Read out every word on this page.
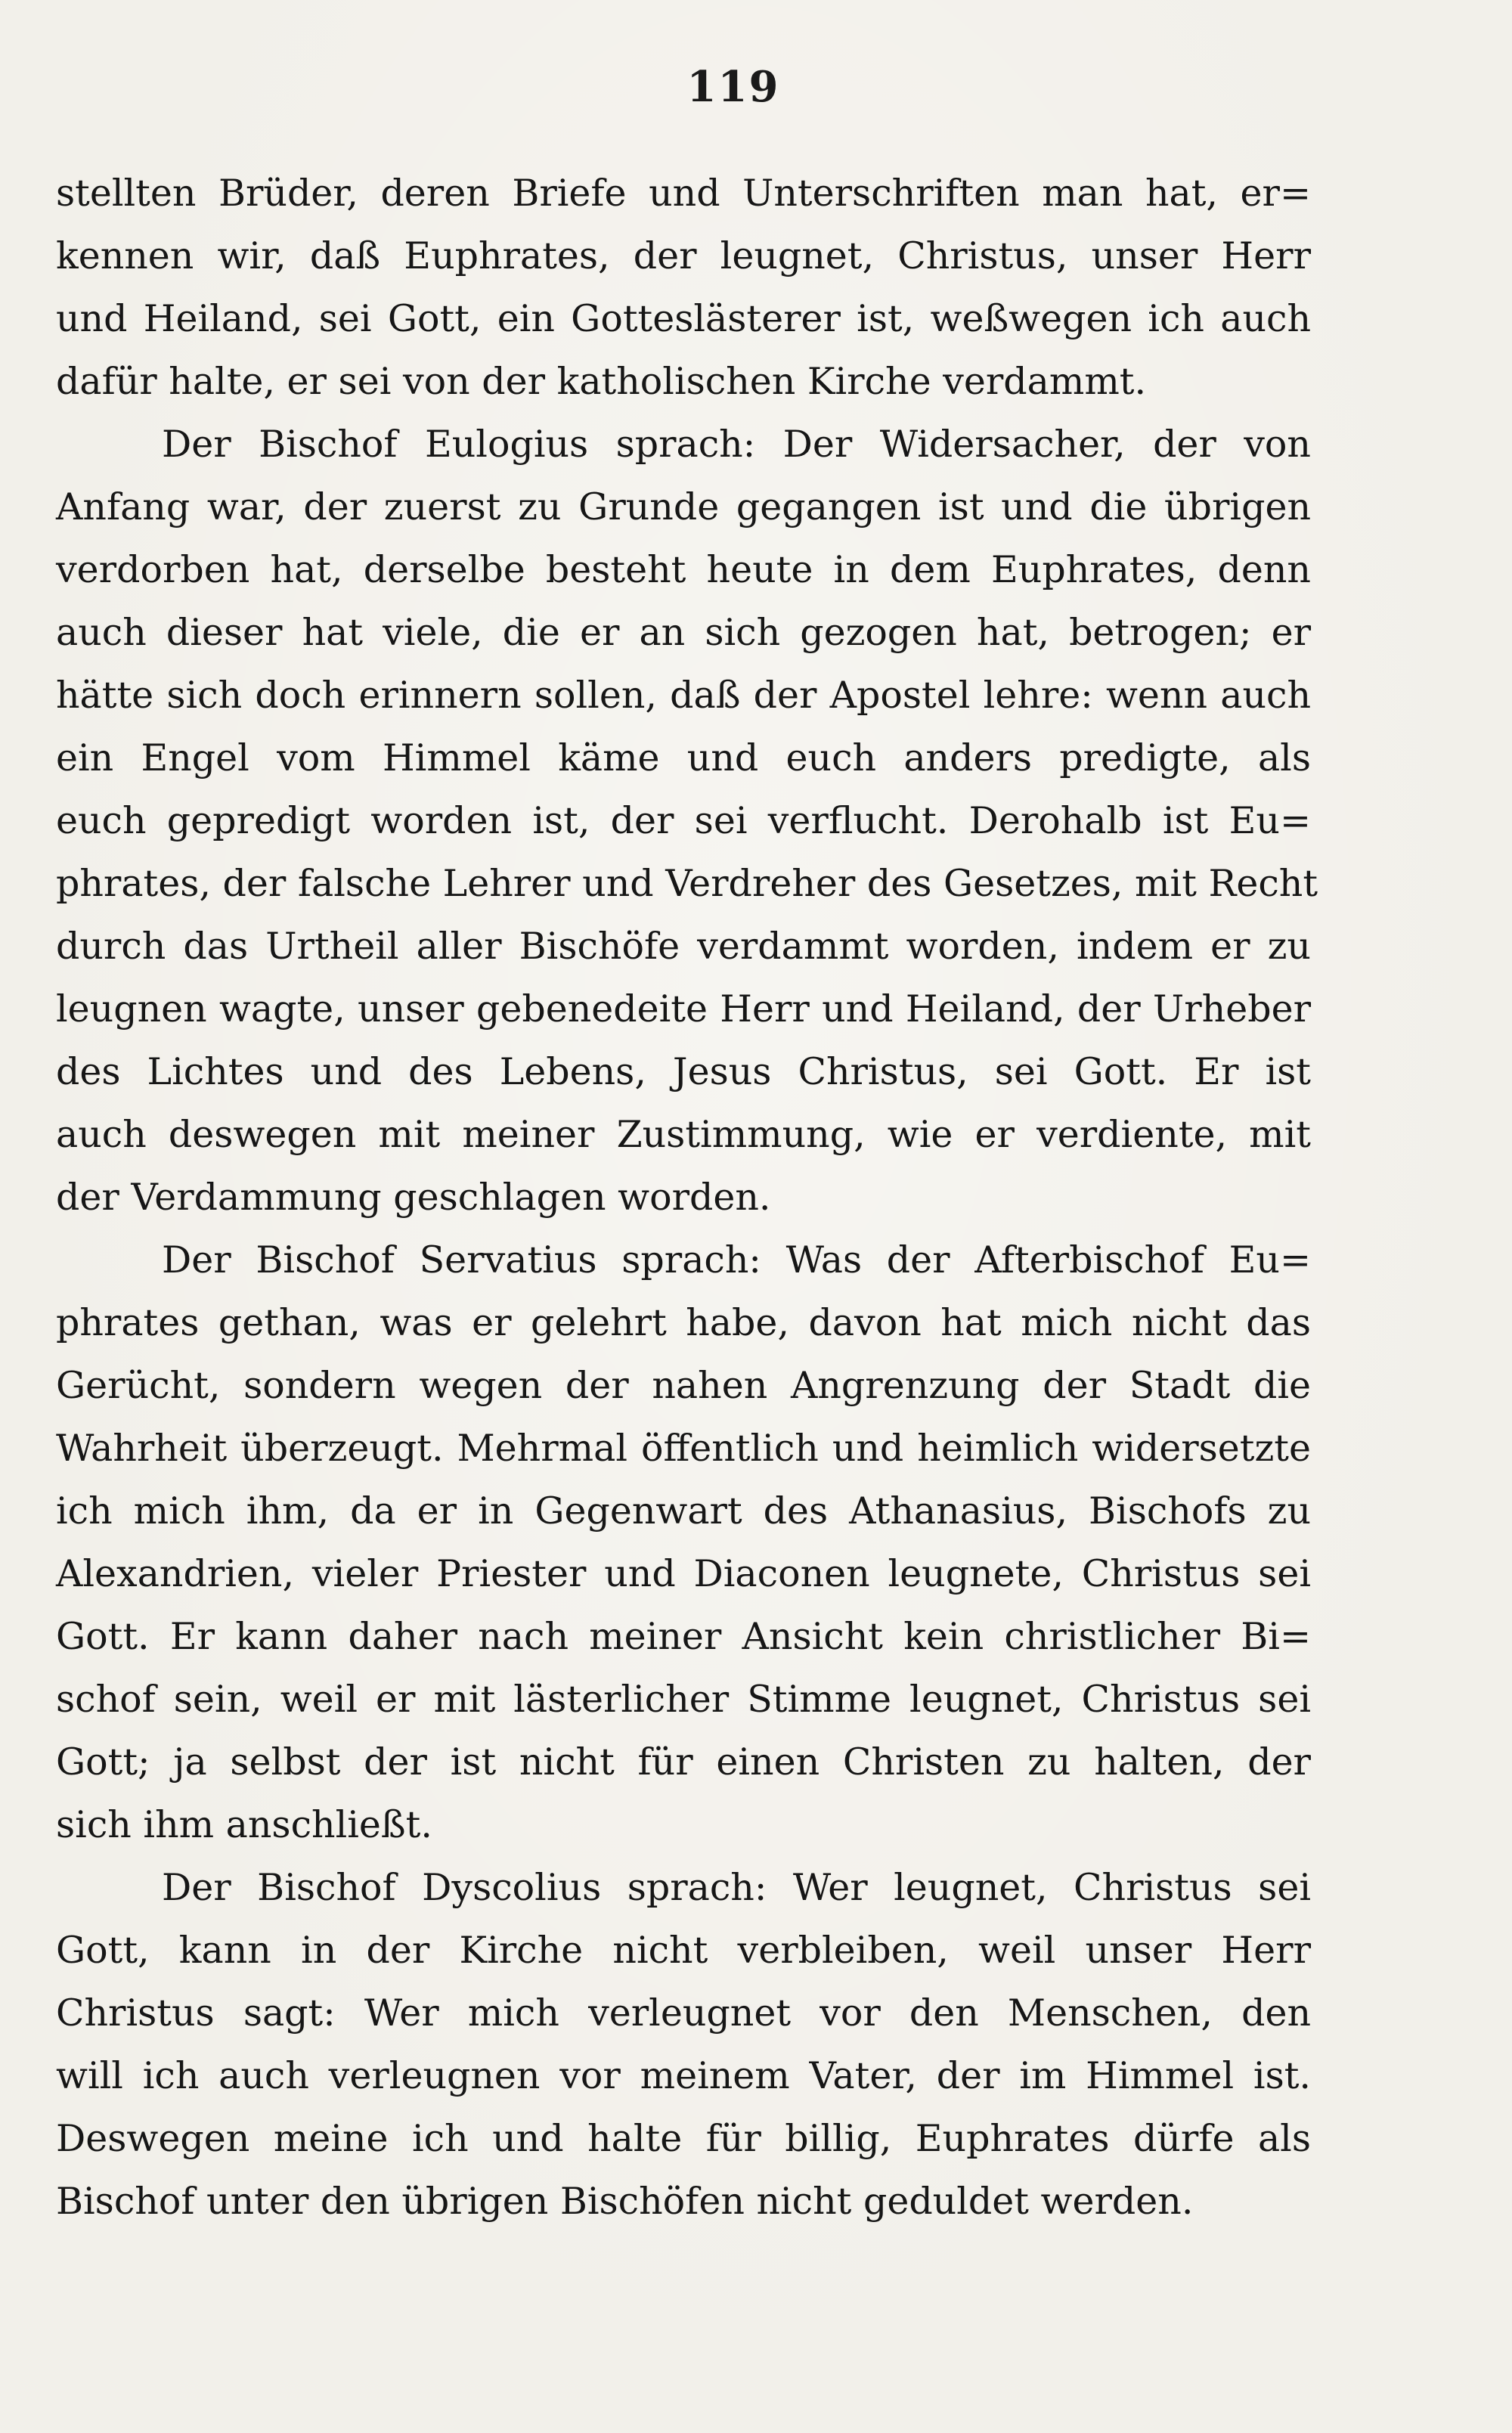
119
stellten Brüder, deren Briefe und Unterschriften man hat, er=
kennen wir, daß Euphrates, der leugnet, Christus, unser Herr
und Heiland, sei Gott, ein Gotteslästerer ist, weßwegen ich auch
dafür halte, er sei von der katholischen Kirche verdammt.
Der Bischof Eulogius sprach: Der Widersacher, der von
Anfang war, der zuerst zu Grunde gegangen ist und die übrigen
verdorben hat, derselbe besteht heute in dem Euphrates, denn
auch dieser hat viele, die er an sich gezogen hat, betrogen; er
hätte sich doch erinnern sollen, daß der Apostel lehre: wenn auch
ein Engel vom Himmel käme und euch anders predigte, als
euch gepredigt worden ist, der sei verflucht. Derohalb ist Eu=
phrates, der falsche Lehrer und Verdreher des Gesetzes, mit Recht
durch das Urtheil aller Bischöfe verdammt worden, indem er zu
leugnen wagte, unser gebenedeite Herr und Heiland, der Urheber
des Lichtes und des Lebens, Jesus Christus, sei Gott. Er ist
auch deswegen mit meiner Zustimmung, wie er verdiente, mit
der Verdammung geschlagen worden.
Der Bischof Servatius sprach: Was der Afterbischof Eu=
phrates gethan, was er gelehrt habe, davon hat mich nicht das
Gerücht, sondern wegen der nahen Angrenzung der Stadt die
Wahrheit überzeugt. Mehrmal öffentlich und heimlich widersetzte
ich mich ihm, da er in Gegenwart des Athanasius, Bischofs zu
Alexandrien, vieler Priester und Diaconen leugnete, Christus sei
Gott. Er kann daher nach meiner Ansicht kein christlicher Bi=
schof sein, weil er mit lästerlicher Stimme leugnet, Christus sei
Gott; ja selbst der ist nicht für einen Christen zu halten, der
sich ihm anschließt.
Der Bischof Dyscolius sprach: Wer leugnet, Christus sei
Gott, kann in der Kirche nicht verbleiben, weil unser Herr
Christus sagt: Wer mich verleugnet vor den Menschen, den
will ich auch verleugnen vor meinem Vater, der im Himmel ist.
Deswegen meine ich und halte für billig, Euphrates dürfe als
Bischof unter den übrigen Bischöfen nicht geduldet werden.
